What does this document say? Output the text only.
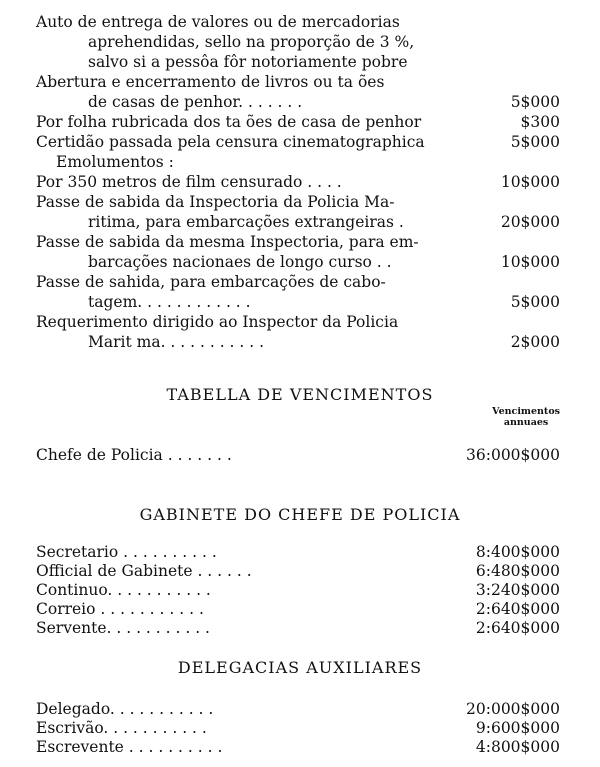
Auto de entrega de valores ou de mercadorias
aprehendidas, sello na proporção de 3 %,
salvo si a pessôa fôr notoriamente pobre
Abertura e encerramento de livros ou ta ões
de casas de penhor. . . . . . .	5$000
Por folha rubricada dos ta ões de casa de penhor	$300
Certidão passada pela censura cinematographica	5$000
Emolumentos :
Por 350 metros de film censurado . . . .	10$000
Passe de sabida da Inspectoria da Policia Ma-
ritima, para embarcações extrangeiras .	20$000
Passe de sabida da mesma Inspectoria, para em-
barcações nacionaes de longo curso . .	10$000
Passe de sahida, para embarcações de cabo-
tagem. . . . . . . . . . . .	5$000
Requerimento dirigido ao Inspector da Policia
Marit ma. . . . . . . . . . .	2$000
TABELLA DE VENCIMENTOS
Vencimentos
annuaes
Chefe de Policia . . . . . . .	36:000$000
GABINETE DO CHEFE DE POLICIA
Secretario . . . . . . . . . .	8:400$000
Official de Gabinete . . . . . .	6:480$000
Continuo. . . . . . . . . . .	3:240$000
Correio . . . . . . . . . . .	2:640$000
Servente. . . . . . . . . . .	2:640$000
DELEGACIAS AUXILIARES
Delegado. . . . . . . . . . .	20:000$000
Escrivão. . . . . . . . . . .	9:600$000
Escrevente . . . . . . . . . .	4:800$000
